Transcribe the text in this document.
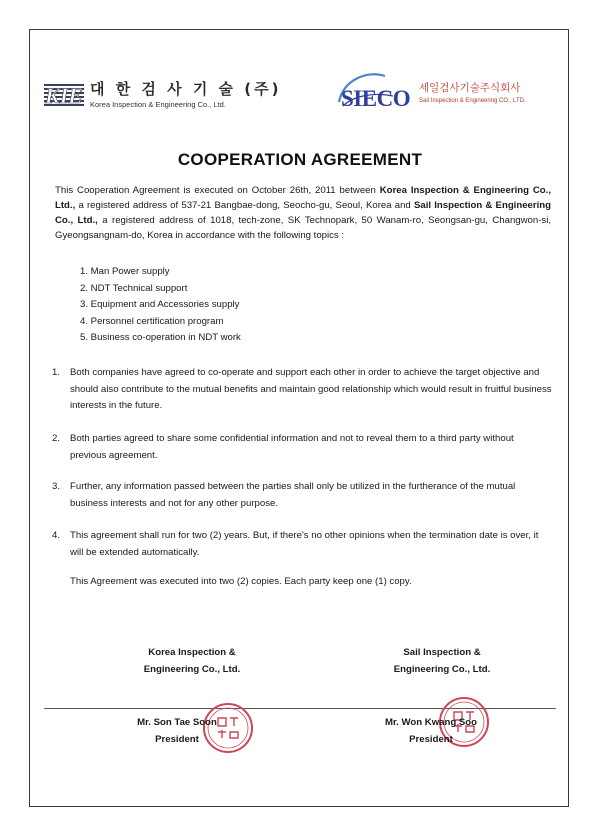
KIE 대 한 검 사 기 술 (주)
Korea Inspection & Engineering Co., Ltd.	SIECO 세일검사기술주식회사
Sail Inspection & Engineering CO., LTD.
COOPERATION AGREEMENT
This Cooperation Agreement is executed on October 26th, 2011 between Korea Inspection & Engineering Co., Ltd., a registered address of 537-21 Bangbae-dong, Seocho-gu, Seoul, Korea and Sail Inspection & Engineering Co., Ltd., a registered address of 1018, tech-zone, SK Technopark, 50 Wanam-ro, Seongsan-gu, Changwon-si, Gyeongsangnam-do, Korea in accordance with the following topics :
1. Man Power supply
2. NDT Technical support
3. Equipment and Accessories supply
4. Personnel certification program
5. Business co-operation in NDT work
1. Both companies have agreed to co-operate and support each other in order to achieve the target objective and should also contribute to the mutual benefits and maintain good relationship which would result in fruitful business interests in the future.
2. Both parties agreed to share some confidential information and not to reveal them to a third party without previous agreement.
3. Further, any information passed between the parties shall only be utilized in the furtherance of the mutual business interests and not for any other purpose.
4. This agreement shall run for two (2) years. But, if there's no other opinions when the termination date is over, it will be extended automatically.
This Agreement was executed into two (2) copies. Each party keep one (1) copy.
Korea Inspection &
Engineering Co., Ltd.
Sail Inspection &
Engineering Co., Ltd.
Mr. Son Tae Soon
President
Mr. Won Kwang Soo
President
